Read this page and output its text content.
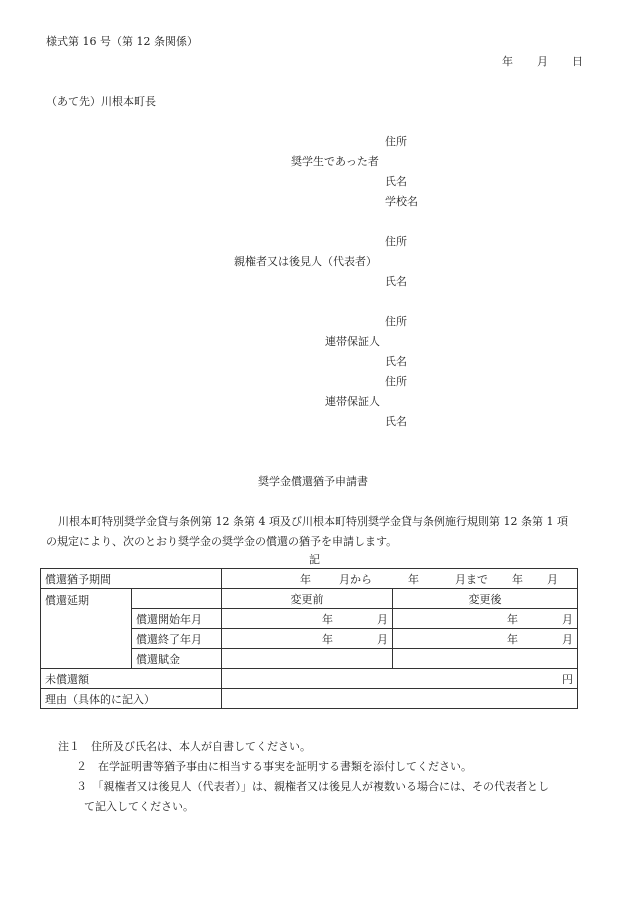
様式第 16 号（第 12 条関係）
年 月 日
（あて先）川根本町長
住所
奨学生であった者
氏名
学校名
住所
親権者又は後見人（代表者）
氏名
住所
連帯保証人
氏名
住所
連帯保証人
氏名
奨学金償還猶予申請書
川根本町特別奨学金貸与条例第 12 条第 4 項及び川根本町特別奨学金貸与条例施行規則第 12 条第 1 項
の規定により、次のとおり奨学金の奨学金の償還の猶予を申請します。
記
償還猶予期間		年 月から 年 月まで 年 月	
償還延期		変更前	変更後
	償還開始年月	年 月	年 月
	償還終了年月	年 月	年 月
	償還賦金		
未償還額		円	
理由（具体的に記入）			
注１　住所及び氏名は、本人が自書してください。
２　在学証明書等猶予事由に相当する事実を証明する書類を添付してください。
３　「親権者又は後見人（代表者）」は、親権者又は後見人が複数いる場合には、その代表者とし
て記入してください。
